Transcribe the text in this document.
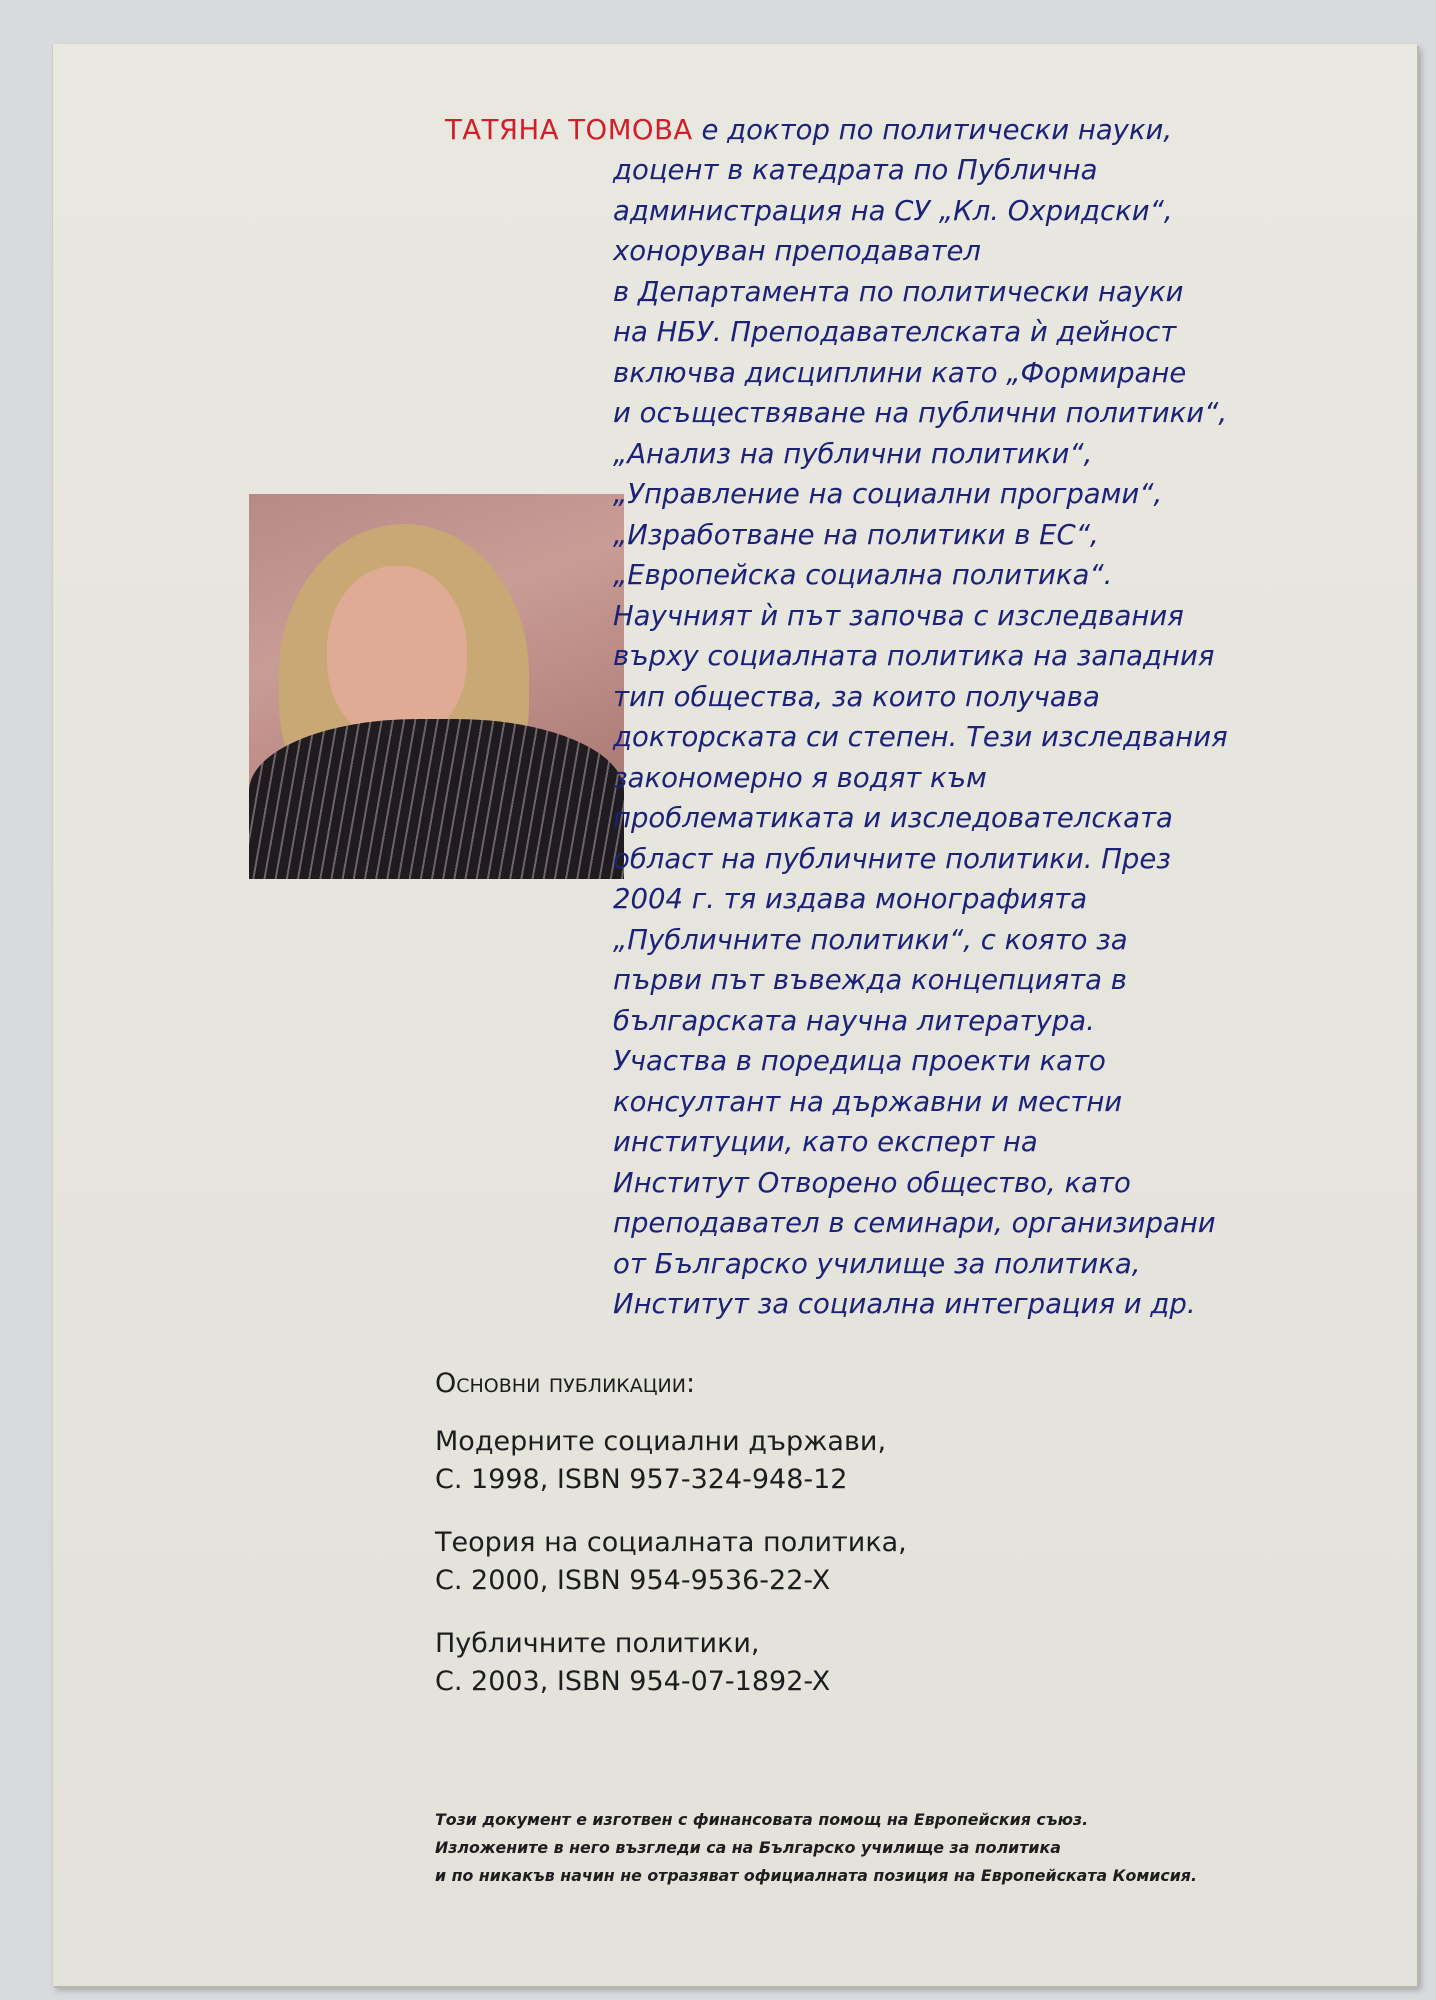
ТАТЯНА ТОМОВА е доктор по политически науки,
доцент в катедрата по Публична
администрация на СУ „Кл. Охридски“,
хоноруван преподавател
в Департамента по политически науки
на НБУ. Преподавателската ѝ дейност
включва дисциплини като „Формиране
и осъществяване на публични политики“,
„Анализ на публични политики“,
„Управление на социални програми“,
„Изработване на политики в ЕС“,
„Европейска социална политика“.
Научният ѝ път започва с изследвания
върху социалната политика на западния
тип общества, за които получава
докторската си степен. Тези изследвания
закономерно я водят към
проблематиката и изследователската
област на публичните политики. През
2004 г. тя издава монографията
„Публичните политики“, с която за
първи път въвежда концепцията в
българската научна литература.
Участва в поредица проекти като
консултант на държавни и местни
институции, като експерт на
Институт Отворено общество, като
преподавател в семинари, организирани
от Българско училище за политика,
Институт за социална интеграция и др.
Основни публикации:
Модерните социални държави,
С. 1998, ISBN 957-324-948-12
Теория на социалната политика,
С. 2000, ISBN 954-9536-22-X
Публичните политики,
С. 2003, ISBN 954-07-1892-X
Този документ е изготвен с финансовата помощ на Европейския съюз.
Изложените в него възгледи са на Българско училище за политика
и по никакъв начин не отразяват официалната позиция на Европейската Комисия.
